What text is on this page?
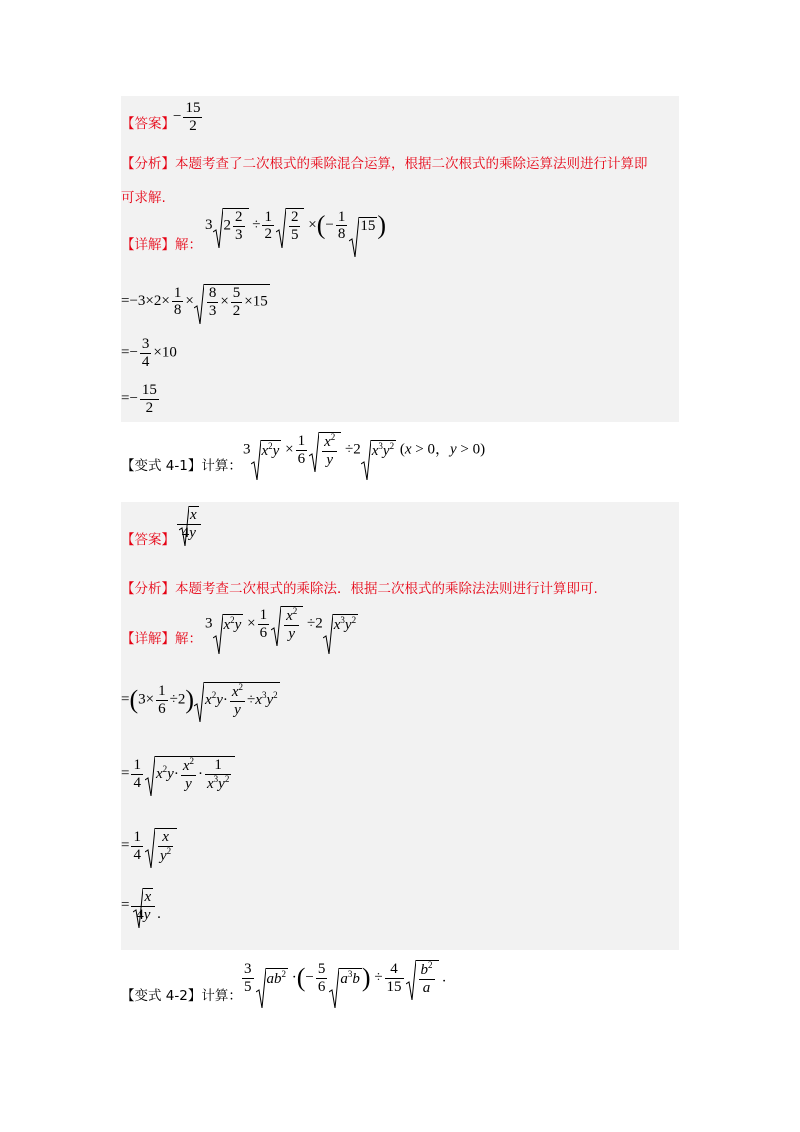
【答案】
− $\frac{15}{2}$
【分析】本题考查了二次根式的乘除混合运算，根据二次根式的乘除运算法则进行计算即
可求解.
【详解】解：
3 $2 \frac{2}{3} \div \frac{1}{2} \frac{2}{5}$ ×(− $\frac{1}{8} 15$)
$=-3\times 2\times \frac{1}{8} \times \frac{8}{3} \times \frac{5}{2} \times 15$
=− $\frac{3}{4} \times 10$
=− $\frac{15}{2}$
【变式 4-1】计算：
3 $x^2y \times \frac{1}{6} \frac{x^2}{y} \div 2$ $x^3y^2$ (x > 0，y > 0)
【答案】 $\frac{x}{4y}$
【分析】本题考查二次根式的乘除法．根据二次根式的乘除法法则进行计算即可.
【详解】解：
3 $x^2y \times \frac{1}{6} \frac{x^2}{y} \div 2$ $x^3y^2$
$=(3\times \frac{1}{6} \div 2)$ $x^2y\cdot \frac{x^2}{y} \div x^3y^2$
= $\frac{1}{4} x^2y\cdot \frac{x^2}{y} \cdot \frac{1}{x^3y^2}$
= $\frac{1}{4} \frac{x}{y^2}$
= $\frac{x}{4y}$ .
【变式 4-2】计算：
$\frac{3}{5} ab^2$ ·(− $\frac{5}{6} a^3b) \div \frac{4}{15} \frac{b^2}{a}$ .
